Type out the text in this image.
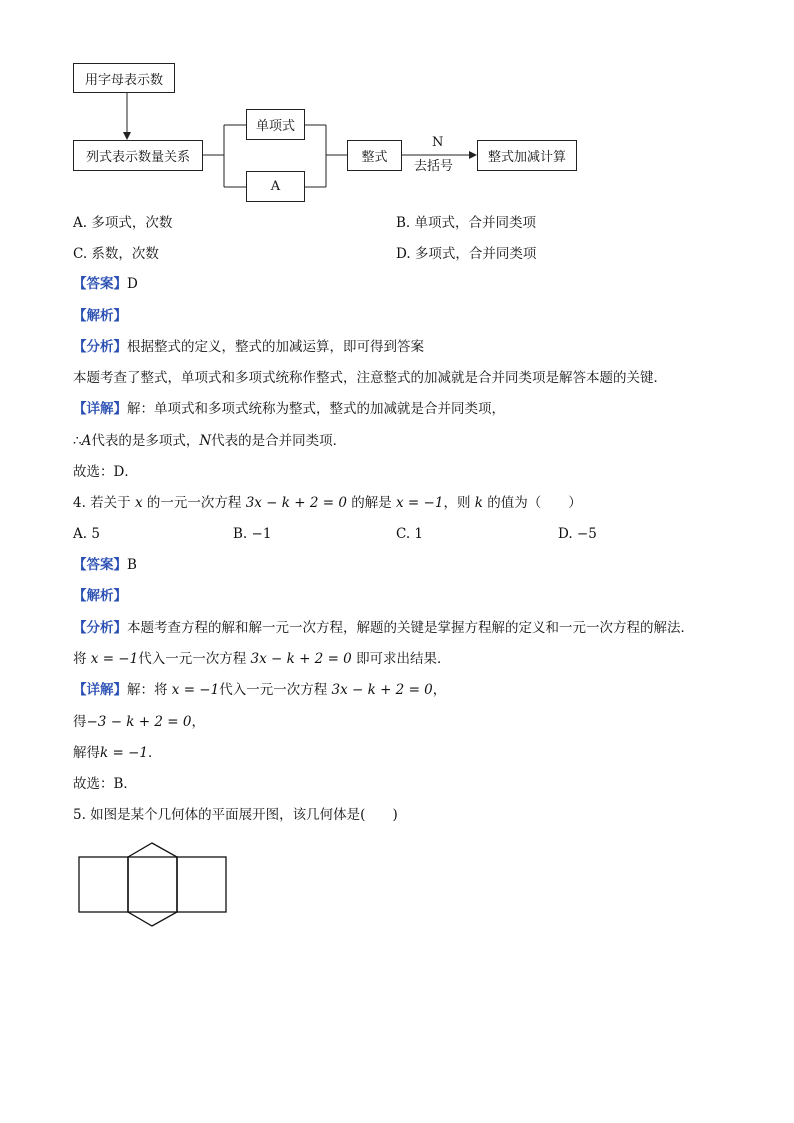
用字母表示数
列式表示数量关系
单项式
A
整式	整式加减计算
N
去括号
A. 多项式，次数	B. 单项式，合并同类项
C. 系数，次数	D. 多项式，合并同类项
【答案】D
【解析】
【分析】根据整式的定义，整式的加减运算，即可得到答案
本题考查了整式，单项式和多项式统称作整式，注意整式的加减就是合并同类项是解答本题的关键．
【详解】解：单项式和多项式统称为整式，整式的加减就是合并同类项，
∴A代表的是多项式，N代表的是合并同类项．
故选：D．
4. 若关于 x 的一元一次方程 3x − k + 2 = 0 的解是 x = −1，则 k 的值为（　　）
A. 5	B. −1	C. 1	D. −5
【答案】B
【解析】
【分析】本题考查方程的解和解一元一次方程，解题的关键是掌握方程解的定义和一元一次方程的解法．
将 x = −1代入一元一次方程 3x − k + 2 = 0 即可求出结果．
【详解】解：将 x = −1代入一元一次方程 3x − k + 2 = 0，
得−3 − k + 2 = 0，
解得k = −1．
故选：B．
5. 如图是某个几何体的平面展开图，该几何体是(　　)
